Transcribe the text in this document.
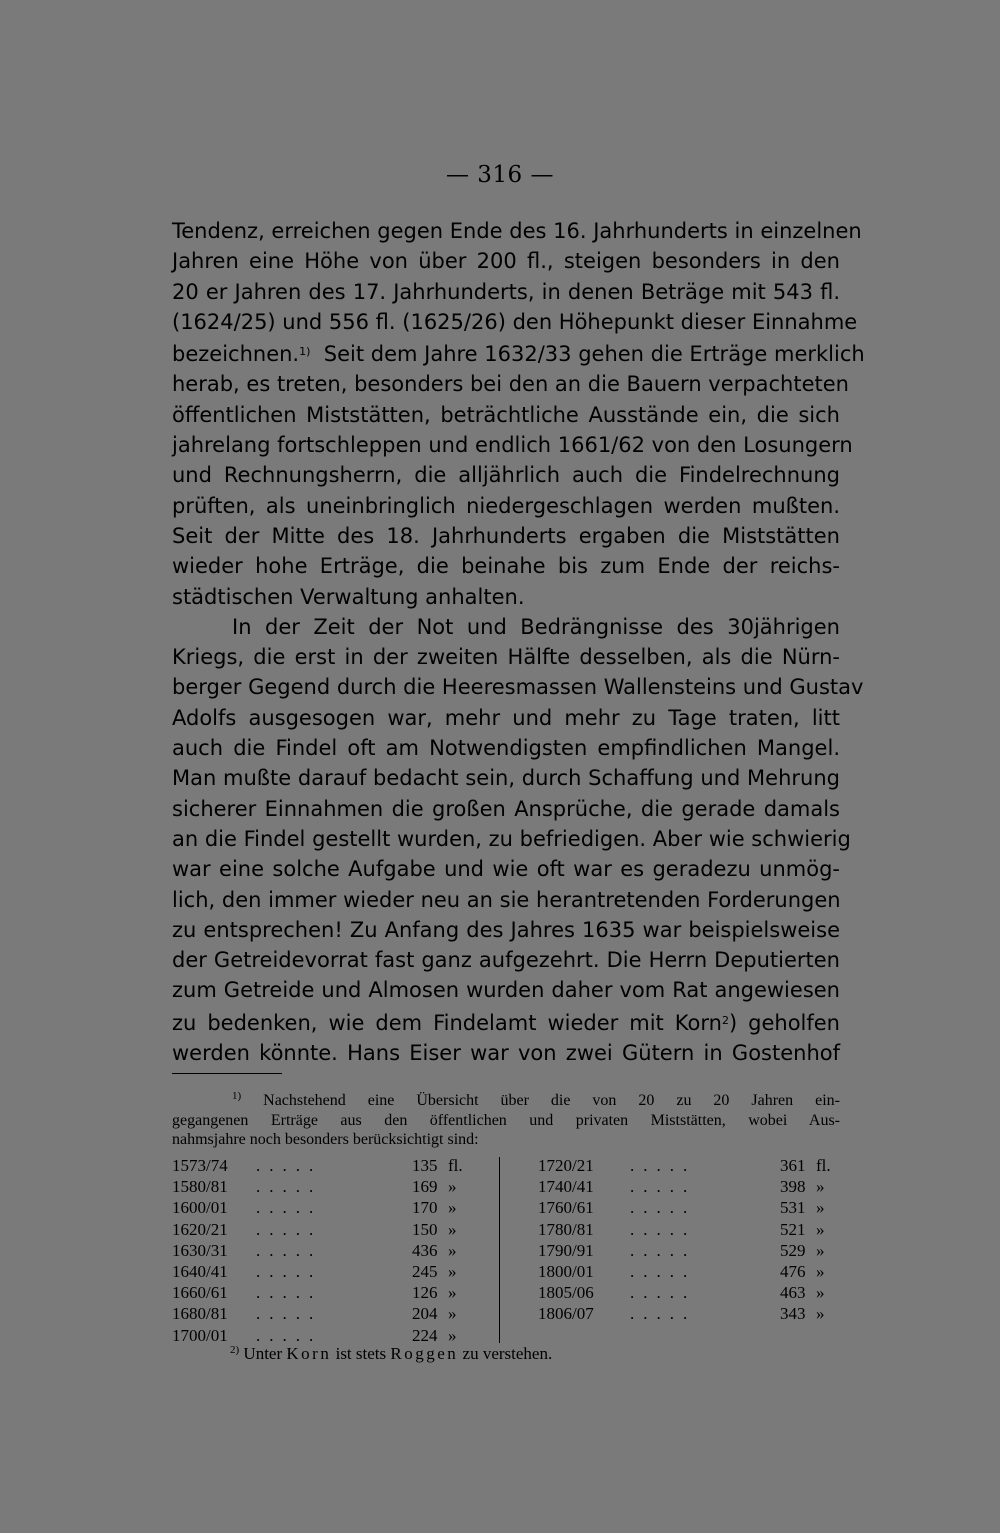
— 316 —
Tendenz, erreichen gegen Ende des 16. Jahrhunderts in einzelnen
Jahren eine Höhe von über 200 fl., steigen besonders in den
20 er Jahren des 17. Jahrhunderts, in denen Beträge mit 543 fl.
(1624/25) und 556 fl. (1625/26) den Höhepunkt dieser Einnahme
bezeichnen.$^{1)}$ Seit dem Jahre 1632/33 gehen die Erträge merklich
herab, es treten, besonders bei den an die Bauern verpachteten
öffentlichen Miststätten, beträchtliche Ausstände ein, die sich
jahrelang fortschleppen und endlich 1661/62 von den Losungern
und Rechnungsherrn, die alljährlich auch die Findelrechnung
prüften, als uneinbringlich niedergeschlagen werden mußten.
Seit der Mitte des 18. Jahrhunderts ergaben die Miststätten
wieder hohe Erträge, die beinahe bis zum Ende der reichs-
städtischen Verwaltung anhalten.
In der Zeit der Not und Bedrängnisse des 30jährigen
Kriegs, die erst in der zweiten Hälfte desselben, als die Nürn-
berger Gegend durch die Heeresmassen Wallensteins und Gustav
Adolfs ausgesogen war, mehr und mehr zu Tage traten, litt
auch die Findel oft am Notwendigsten empfindlichen Mangel.
Man mußte darauf bedacht sein, durch Schaffung und Mehrung
sicherer Einnahmen die großen Ansprüche, die gerade damals
an die Findel gestellt wurden, zu befriedigen. Aber wie schwierig
war eine solche Aufgabe und wie oft war es geradezu unmög-
lich, den immer wieder neu an sie herantretenden Forderungen
zu entsprechen! Zu Anfang des Jahres 1635 war beispielsweise
der Getreidevorrat fast ganz aufgezehrt. Die Herrn Deputierten
zum Getreide und Almosen wurden daher vom Rat angewiesen
zu bedenken, wie dem Findelamt wieder mit Korn$^2$) geholfen
werden könnte. Hans Eiser war von zwei Gütern in Gostenhof
$^{1)}$ Nachstehend eine Übersicht über die von 20 zu 20 Jahren ein-
gegangenen Erträge aus den öffentlichen und privaten Miststätten, wobei Aus-
nahmsjahre noch besonders berücksichtigt sind:
1573/74 .....	135 fl.
1580/81 .....	169 »
1600/01 .....	170 »
1620/21 .....	150 »
1630/31 .....	436 »
1640/41 .....	245 »
1660/61 .....	126 »
1680/81 .....	204 »
1700/01 .....	224 »
1720/21 .....	361 fl.
1740/41 .....	398 »
1760/61 .....	531 »
1780/81 .....	521 »
1790/91 .....	529 »
1800/01 .....	476 »
1805/06 .....	463 »
1806/07 .....	343 »
$^{2)}$ Unter Korn ist stets Roggen zu verstehen.
